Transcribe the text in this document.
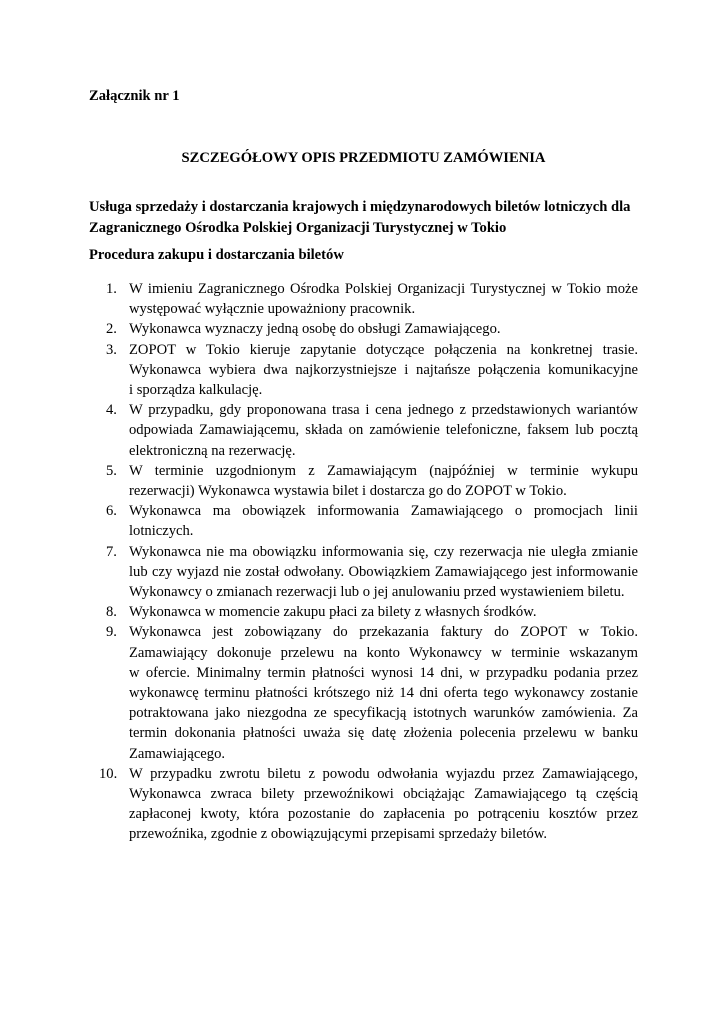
Załącznik nr 1
SZCZEGÓŁOWY OPIS PRZEDMIOTU ZAMÓWIENIA
Usługa sprzedaży i dostarczania krajowych i międzynarodowych biletów lotniczych dla
Zagranicznego Ośrodka Polskiej Organizacji Turystycznej w Tokio
Procedura zakupu i dostarczania biletów
1. W imieniu Zagranicznego Ośrodka Polskiej Organizacji Turystycznej w Tokio może
występować wyłącznie upoważniony pracownik.
2. Wykonawca wyznaczy jedną osobę do obsługi Zamawiającego.
3. ZOPOT w Tokio kieruje zapytanie dotyczące połączenia na konkretnej trasie.
Wykonawca wybiera dwa najkorzystniejsze i najtańsze połączenia komunikacyjne
i sporządza kalkulację.
4. W przypadku, gdy proponowana trasa i cena jednego z przedstawionych wariantów
odpowiada Zamawiającemu, składa on zamówienie telefoniczne, faksem lub pocztą
elektroniczną na rezerwację.
5. W terminie uzgodnionym z Zamawiającym (najpóźniej w terminie wykupu
rezerwacji) Wykonawca wystawia bilet i dostarcza go do ZOPOT w Tokio.
6. Wykonawca ma obowiązek informowania Zamawiającego o promocjach linii
lotniczych.
7. Wykonawca nie ma obowiązku informowania się, czy rezerwacja nie uległa zmianie
lub czy wyjazd nie został odwołany. Obowiązkiem Zamawiającego jest informowanie
Wykonawcy o zmianach rezerwacji lub o jej anulowaniu przed wystawieniem biletu.
8. Wykonawca w momencie zakupu płaci za bilety z własnych środków.
9. Wykonawca jest zobowiązany do przekazania faktury do ZOPOT w Tokio.
Zamawiający dokonuje przelewu na konto Wykonawcy w terminie wskazanym
w ofercie. Minimalny termin płatności wynosi 14 dni, w przypadku podania przez
wykonawcę terminu płatności krótszego niż 14 dni oferta tego wykonawcy zostanie
potraktowana jako niezgodna ze specyfikacją istotnych warunków zamówienia. Za
termin dokonania płatności uważa się datę złożenia polecenia przelewu w banku
Zamawiającego.
10. W przypadku zwrotu biletu z powodu odwołania wyjazdu przez Zamawiającego,
Wykonawca zwraca bilety przewoźnikowi obciążając Zamawiającego tą częścią
zapłaconej kwoty, która pozostanie do zapłacenia po potrąceniu kosztów przez
przewoźnika, zgodnie z obowiązującymi przepisami sprzedaży biletów.
